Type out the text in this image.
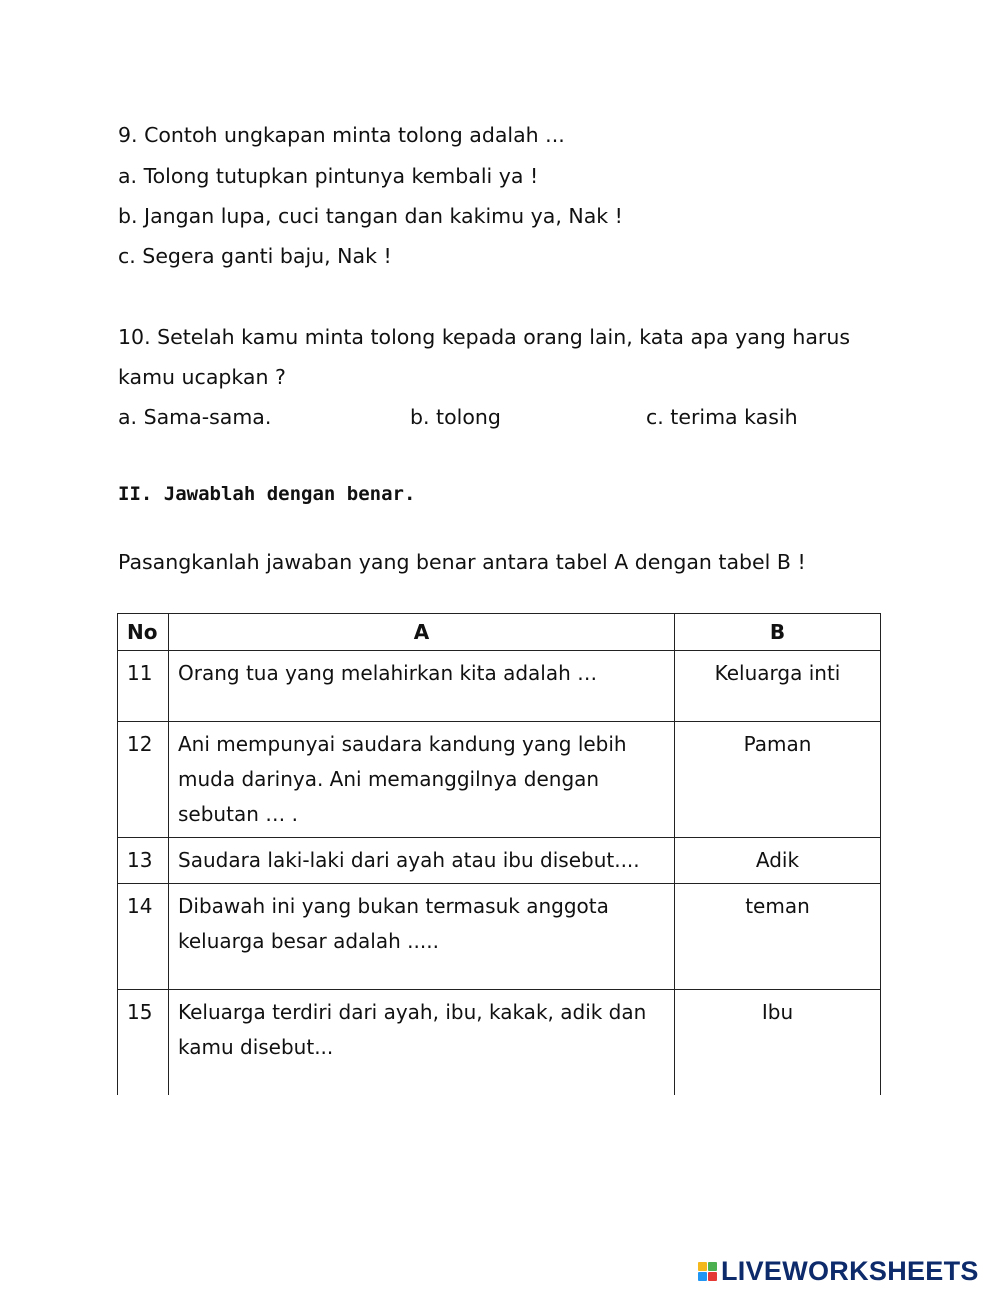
9. Contoh ungkapan minta tolong adalah ...

a. Tolong tutupkan pintunya kembali ya !

b. Jangan lupa, cuci tangan dan kakimu ya, Nak !

c. Segera ganti baju, Nak !

10. Setelah kamu minta tolong kepada orang lain, kata apa yang harus

kamu ucapkan ?

a. Sama-sama.	b. tolong	c. terima kasih

II. Jawablah dengan benar.

Pasangkanlah jawaban yang benar antara tabel A dengan tabel B !

No	A	B
11	Orang tua yang melahirkan kita adalah …	Keluarga inti
12	Ani mempunyai saudara kandung yang lebih muda darinya. Ani memanggilnya dengan sebutan … .	Paman
13	Saudara laki-laki dari ayah atau ibu disebut....	Adik
14	Dibawah ini yang bukan termasuk anggota keluarga besar adalah .....	teman
15	Keluarga terdiri dari ayah, ibu, kakak, adik dan kamu disebut...	Ibu
LIVEWORKSHEETS
